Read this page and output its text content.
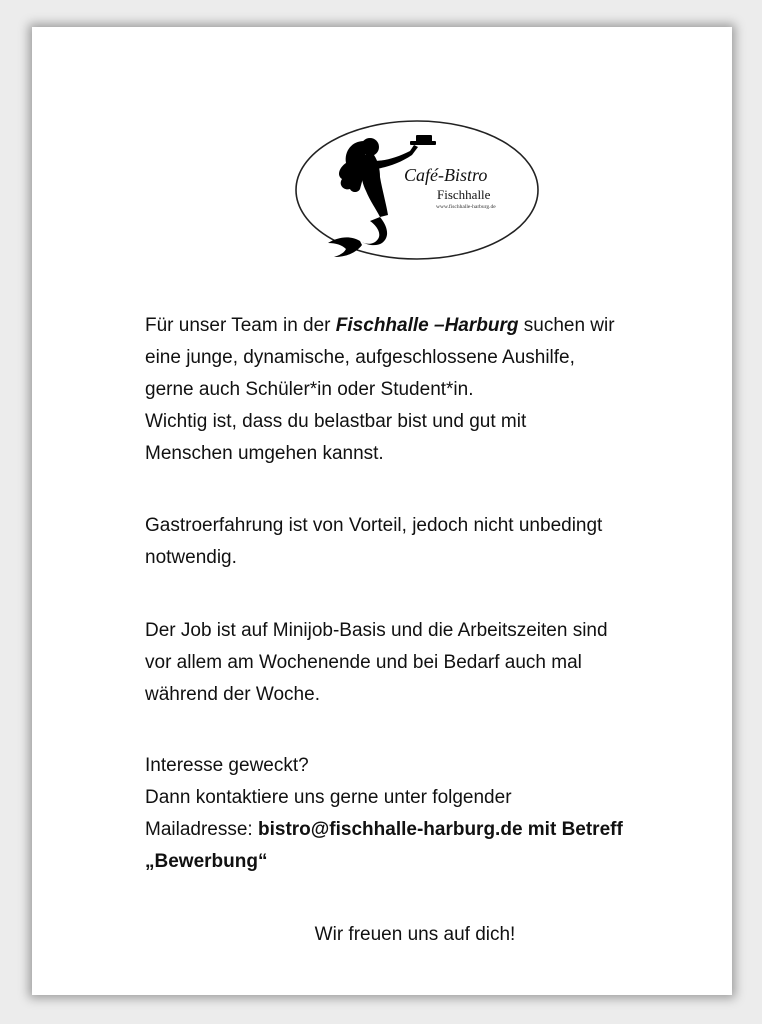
Café-Bistro
Fischhalle
www.fischhalle-harburg.de

Für unser Team in der Fischhalle –Harburg suchen wir

eine junge, dynamische, aufgeschlossene Aushilfe,

gerne auch Schüler*in oder Student*in.

Wichtig ist, dass du belastbar bist und gut mit

Menschen umgehen kannst.

Gastroerfahrung ist von Vorteil, jedoch nicht unbedingt

notwendig.

Der Job ist auf Minijob-Basis und die Arbeitszeiten sind

vor allem am Wochenende und bei Bedarf auch mal

während der Woche.

Interesse geweckt?

Dann kontaktiere uns gerne unter folgender

Mailadresse: bistro@fischhalle-harburg.de mit Betreff

„Bewerbung“

Wir freuen uns auf dich!
